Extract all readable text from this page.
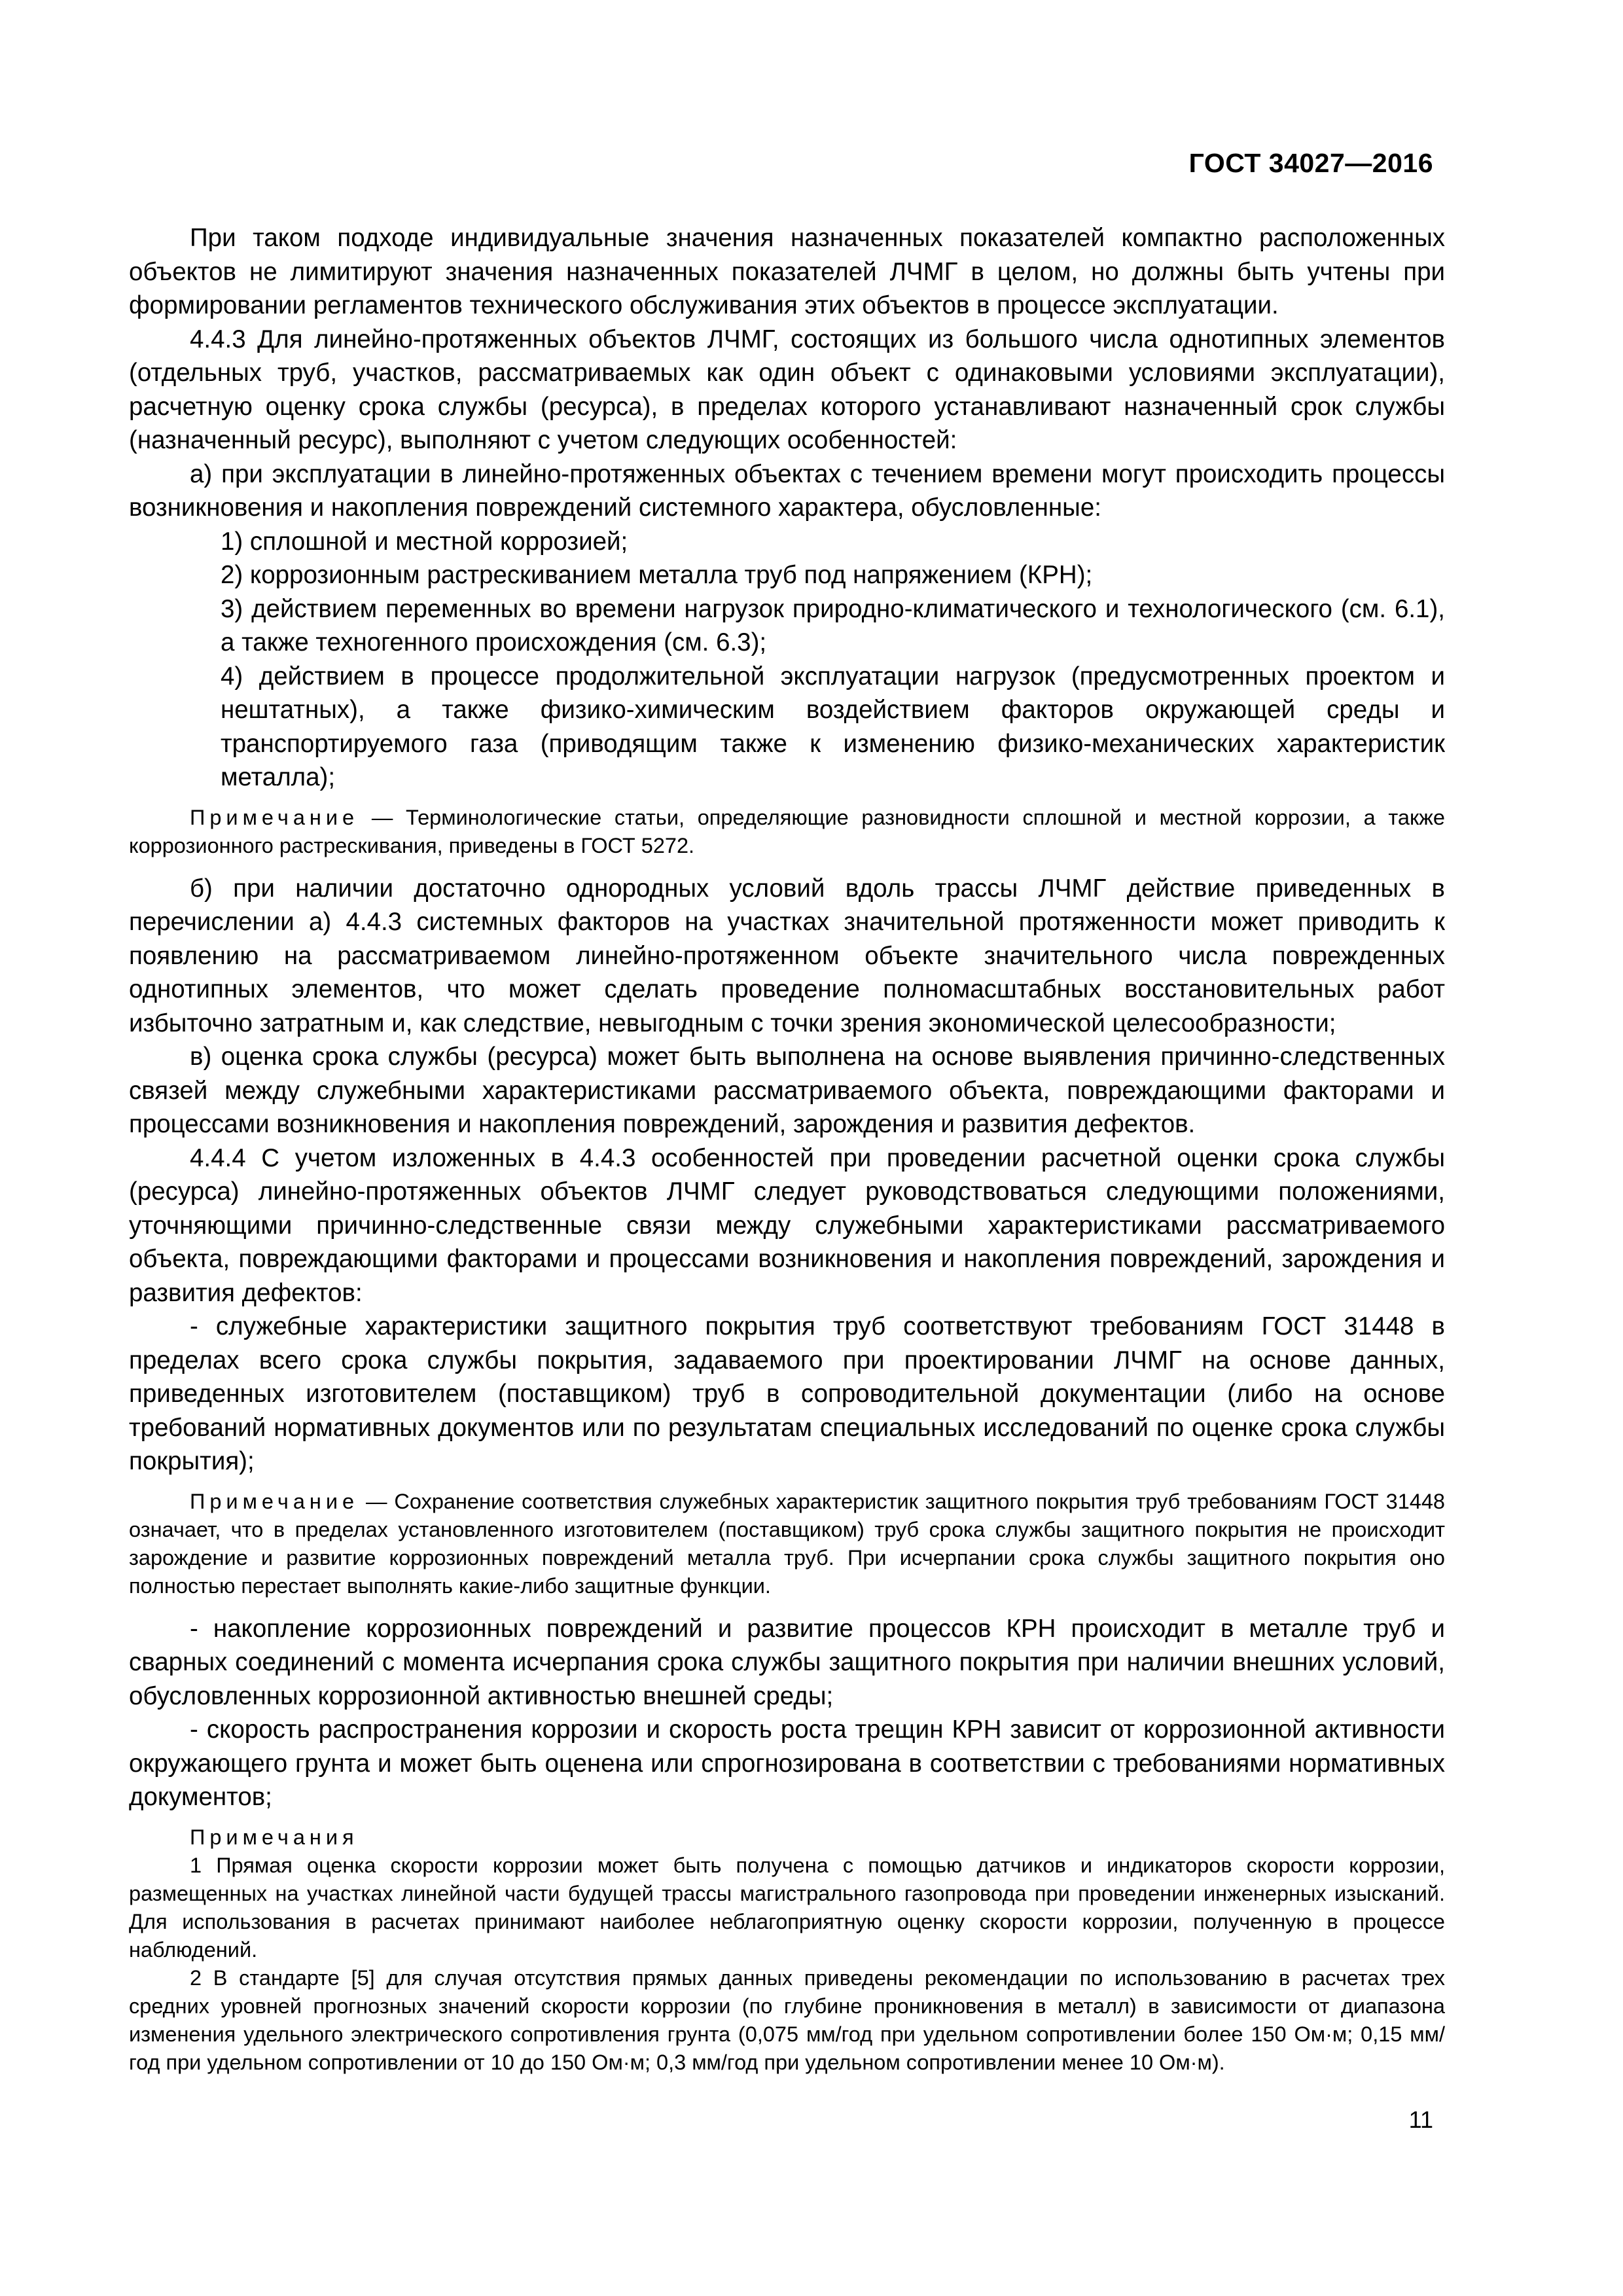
ГОСТ 34027—2016

При таком подходе индивидуальные значения назначенных показателей компактно расположенных объектов не лимитируют значения назначенных показателей ЛЧМГ в целом, но должны быть учтены при формировании регламентов технического обслуживания этих объектов в процессе эксплуатации.

4.4.3 Для линейно-протяженных объектов ЛЧМГ, состоящих из большого числа однотипных элементов (отдельных труб, участков, рассматриваемых как один объект с одинаковыми условиями эксплуатации), расчетную оценку срока службы (ресурса), в пределах которого устанавливают назначенный срок службы (назначенный ресурс), выполняют с учетом следующих особенностей:

а) при эксплуатации в линейно-протяженных объектах с течением времени могут происходить процессы возникновения и накопления повреждений системного характера, обусловленные:

1) сплошной и местной коррозией;

2) коррозионным растрескиванием металла труб под напряжением (КРН);

3) действием переменных во времени нагрузок природно-климатического и технологического (см. 6.1), а также техногенного происхождения (см. 6.3);

4) действием в процессе продолжительной эксплуатации нагрузок (предусмотренных проектом и нештатных), а также физико-химическим воздействием факторов окружающей среды и транспортируемого газа (приводящим также к изменению физико-механических характеристик металла);

Примечание — Терминологические статьи, определяющие разновидности сплошной и местной коррозии, а также коррозионного растрескивания, приведены в ГОСТ 5272.

б) при наличии достаточно однородных условий вдоль трассы ЛЧМГ действие приведенных в перечислении а) 4.4.3 системных факторов на участках значительной протяженности может приводить к появлению на рассматриваемом линейно-протяженном объекте значительного числа поврежденных однотипных элементов, что может сделать проведение полномасштабных восстановительных работ избыточно затратным и, как следствие, невыгодным с точки зрения экономической целесообразности;

в) оценка срока службы (ресурса) может быть выполнена на основе выявления причинно-следственных связей между служебными характеристиками рассматриваемого объекта, повреждающими факторами и процессами возникновения и накопления повреждений, зарождения и развития дефектов.

4.4.4 С учетом изложенных в 4.4.3 особенностей при проведении расчетной оценки срока службы (ресурса) линейно-протяженных объектов ЛЧМГ следует руководствоваться следующими положениями, уточняющими причинно-следственные связи между служебными характеристиками рассматриваемого объекта, повреждающими факторами и процессами возникновения и накопления повреждений, зарождения и развития дефектов:

- служебные характеристики защитного покрытия труб соответствуют требованиям ГОСТ 31448 в пределах всего срока службы покрытия, задаваемого при проектировании ЛЧМГ на основе данных, приведенных изготовителем (поставщиком) труб в сопроводительной документации (либо на основе требований нормативных документов или по результатам специальных исследований по оценке срока службы покрытия);

Примечание — Сохранение соответствия служебных характеристик защитного покрытия труб требованиям ГОСТ 31448 означает, что в пределах установленного изготовителем (поставщиком) труб срока службы защитного покрытия не происходит зарождение и развитие коррозионных повреждений металла труб. При исчерпании срока службы защитного покрытия оно полностью перестает выполнять какие-либо защитные функции.

- накопление коррозионных повреждений и развитие процессов КРН происходит в металле труб и сварных соединений с момента исчерпания срока службы защитного покрытия при наличии внешних условий, обусловленных коррозионной активностью внешней среды;

- скорость распространения коррозии и скорость роста трещин КРН зависит от коррозионной активности окружающего грунта и может быть оценена или спрогнозирована в соответствии с требованиями нормативных документов;

Примечания

1 Прямая оценка скорости коррозии может быть получена с помощью датчиков и индикаторов скорости коррозии, размещенных на участках линейной части будущей трассы магистрального газопровода при проведении инженерных изысканий. Для использования в расчетах принимают наиболее неблагоприятную оценку скорости коррозии, полученную в процессе наблюдений.

2 В стандарте [5] для случая отсутствия прямых данных приведены рекомендации по использованию в расчетах трех средних уровней прогнозных значений скорости коррозии (по глубине проникновения в металл) в зависимости от диапазона изменения удельного электрического сопротивления грунта (0,075 мм/год при удельном сопротивлении более 150 Ом·м; 0,15 мм/год при удельном сопротивлении от 10 до 150 Ом·м; 0,3 мм/год при удельном сопротивлении менее 10 Ом·м).

11
